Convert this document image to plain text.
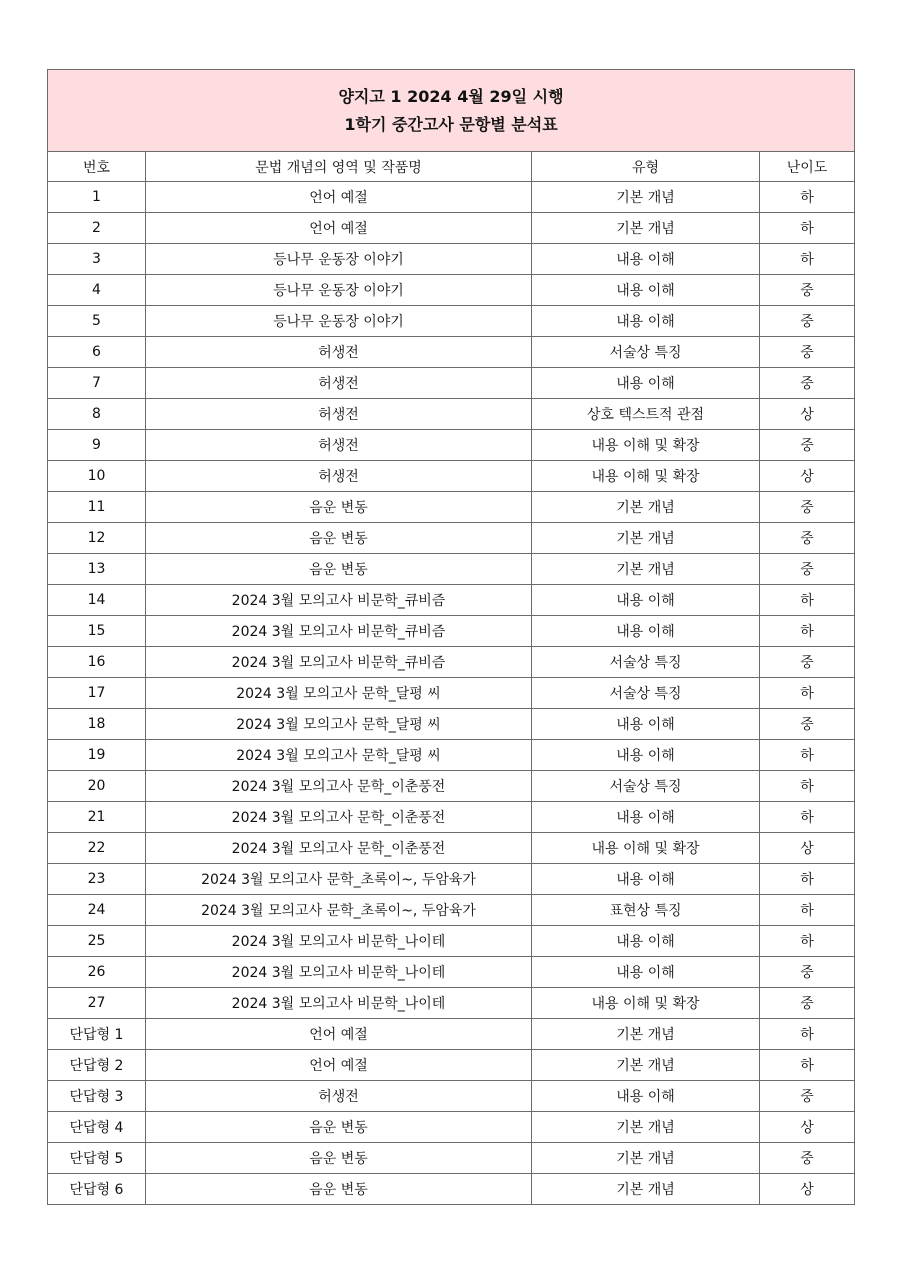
양지고 1 2024 4월 29일 시행
1학기 중간고사 문항별 분석표			

번호	문법 개념의 영역 및 작품명	유형	난이도
1	언어 예절	기본 개념	하
2	언어 예절	기본 개념	하
3	등나무 운동장 이야기	내용 이해	하
4	등나무 운동장 이야기	내용 이해	중
5	등나무 운동장 이야기	내용 이해	중
6	허생전	서술상 특징	중
7	허생전	내용 이해	중
8	허생전	상호 텍스트적 관점	상
9	허생전	내용 이해 및 확장	중
10	허생전	내용 이해 및 확장	상
11	음운 변동	기본 개념	중
12	음운 변동	기본 개념	중
13	음운 변동	기본 개념	중
14	2024 3월 모의고사 비문학_큐비즘	내용 이해	하
15	2024 3월 모의고사 비문학_큐비즘	내용 이해	하
16	2024 3월 모의고사 비문학_큐비즘	서술상 특징	중
17	2024 3월 모의고사 문학_달평 씨	서술상 특징	하
18	2024 3월 모의고사 문학_달평 씨	내용 이해	중
19	2024 3월 모의고사 문학_달평 씨	내용 이해	하
20	2024 3월 모의고사 문학_이춘풍전	서술상 특징	하
21	2024 3월 모의고사 문학_이춘풍전	내용 이해	하
22	2024 3월 모의고사 문학_이춘풍전	내용 이해 및 확장	상
23	2024 3월 모의고사 문학_초록이~, 두암육가	내용 이해	하
24	2024 3월 모의고사 문학_초록이~, 두암육가	표현상 특징	하
25	2024 3월 모의고사 비문학_나이테	내용 이해	하
26	2024 3월 모의고사 비문학_나이테	내용 이해	중
27	2024 3월 모의고사 비문학_나이테	내용 이해 및 확장	중
단답형 1	언어 예절	기본 개념	하
단답형 2	언어 예절	기본 개념	하
단답형 3	허생전	내용 이해	중
단답형 4	음운 변동	기본 개념	상
단답형 5	음운 변동	기본 개념	중
단답형 6	음운 변동	기본 개념	상
